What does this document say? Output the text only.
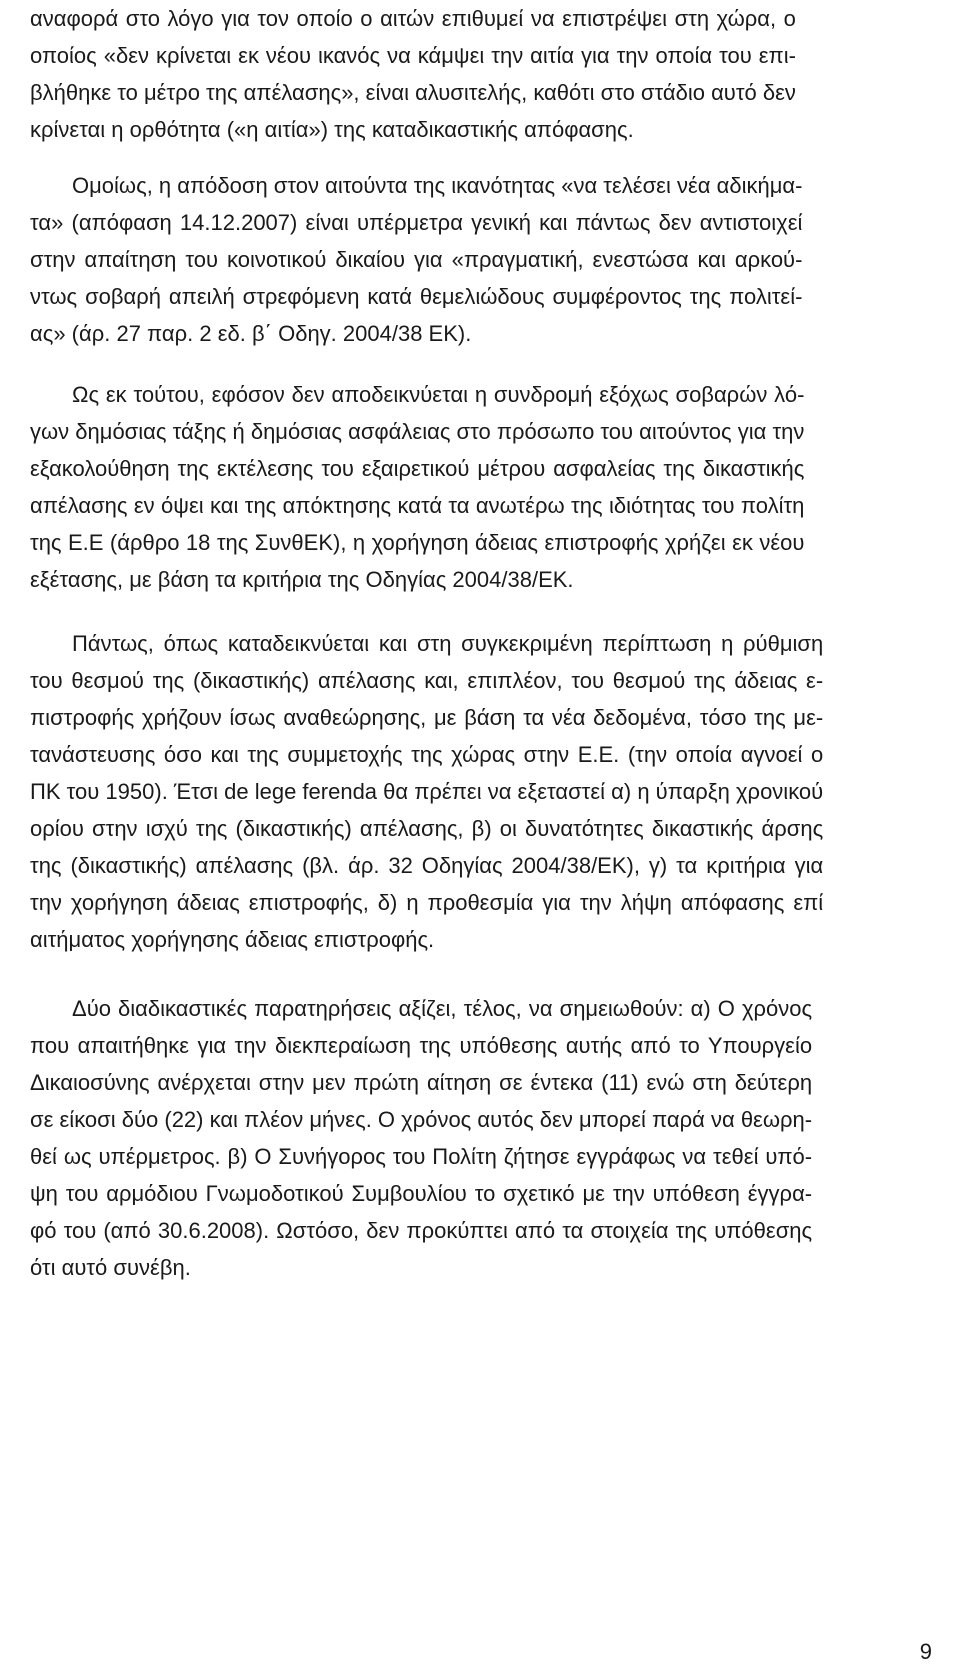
αναφορά στο λόγο για τον οποίο ο αιτών επιθυμεί να επιστρέψει στη χώρα, ο
οποίος «δεν κρίνεται εκ νέου ικανός να κάμψει την αιτία για την οποία του επι-
βλήθηκε το μέτρο της απέλασης», είναι αλυσιτελής, καθότι στο στάδιο αυτό δεν
κρίνεται η ορθότητα («η αιτία») της καταδικαστικής απόφασης.

Ομοίως, η απόδοση στον αιτούντα της ικανότητας «να τελέσει νέα αδικήμα-
τα» (απόφαση 14.12.2007) είναι υπέρμετρα γενική και πάντως δεν αντιστοιχεί
στην απαίτηση του κοινοτικού δικαίου για «πραγματική, ενεστώσα και αρκού-
ντως σοβαρή απειλή στρεφόμενη κατά θεμελιώδους συμφέροντος της πολιτεί-
ας» (άρ. 27 παρ. 2 εδ. β΄ Οδηγ. 2004/38 ΕΚ).

Ως εκ τούτου, εφόσον δεν αποδεικνύεται η συνδρομή εξόχως σοβαρών λό-
γων δημόσιας τάξης ή δημόσιας ασφάλειας στο πρόσωπο του αιτούντος για την
εξακολούθηση της εκτέλεσης του εξαιρετικού μέτρου ασφαλείας της δικαστικής
απέλασης εν όψει και της απόκτησης κατά τα ανωτέρω της ιδιότητας του πολίτη
της Ε.Ε (άρθρο 18 της ΣυνθΕΚ), η χορήγηση άδειας επιστροφής χρήζει εκ νέου
εξέτασης, με βάση τα κριτήρια της Οδηγίας 2004/38/ΕΚ.

Πάντως, όπως καταδεικνύεται και στη συγκεκριμένη περίπτωση η ρύθμιση
του θεσμού της (δικαστικής) απέλασης και, επιπλέον, του θεσμού της άδειας ε-
πιστροφής χρήζουν ίσως αναθεώρησης, με βάση τα νέα δεδομένα, τόσο της με-
τανάστευσης όσο και της συμμετοχής της χώρας στην Ε.Ε. (την οποία αγνοεί ο
ΠΚ του 1950). Έτσι de lege ferenda θα πρέπει να εξεταστεί α) η ύπαρξη χρονικού
ορίου στην ισχύ της (δικαστικής) απέλασης, β) οι δυνατότητες δικαστικής άρσης
της (δικαστικής) απέλασης (βλ. άρ. 32 Οδηγίας 2004/38/ΕΚ), γ) τα κριτήρια για
την χορήγηση άδειας επιστροφής, δ) η προθεσμία για την λήψη απόφασης επί
αιτήματος χορήγησης άδειας επιστροφής.

Δύο διαδικαστικές παρατηρήσεις αξίζει, τέλος, να σημειωθούν: α) Ο χρόνος
που απαιτήθηκε για την διεκπεραίωση της υπόθεσης αυτής από το Υπουργείο
Δικαιοσύνης ανέρχεται στην μεν πρώτη αίτηση σε έντεκα (11) ενώ στη δεύτερη
σε είκοσι δύο (22) και πλέον μήνες. Ο χρόνος αυτός δεν μπορεί παρά να θεωρη-
θεί ως υπέρμετρος. β) Ο Συνήγορος του Πολίτη ζήτησε εγγράφως να τεθεί υπό-
ψη του αρμόδιου Γνωμοδοτικού Συμβουλίου το σχετικό με την υπόθεση έγγρα-
φό του (από 30.6.2008). Ωστόσο, δεν προκύπτει από τα στοιχεία της υπόθεσης
ότι αυτό συνέβη.

9
